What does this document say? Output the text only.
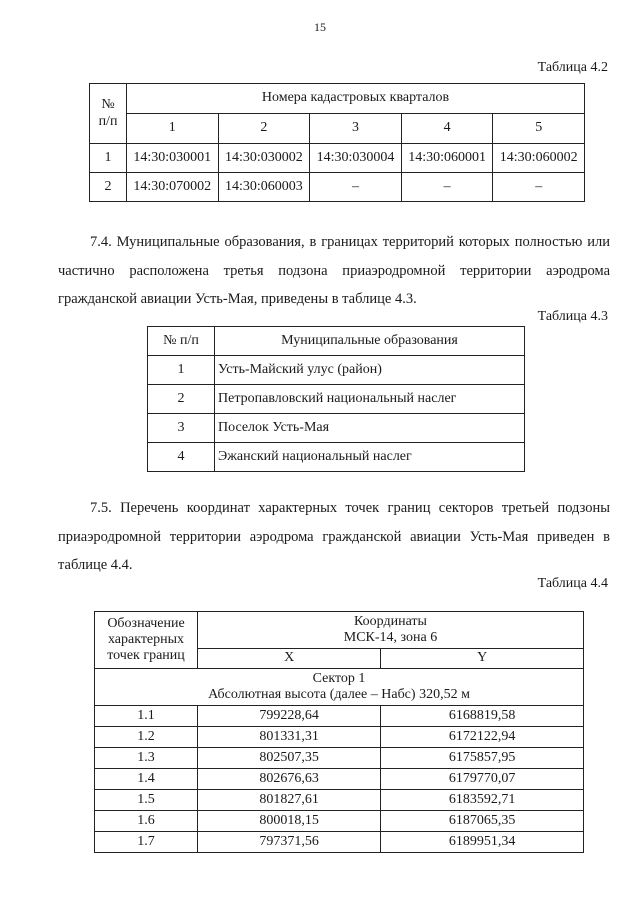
15
Таблица 4.2
№
п/п	Номера кадастровых кварталов				
	1	2	3	4	5
1	14:30:030001	14:30:030002	14:30:030004	14:30:060001	14:30:060002
2	14:30:070002	14:30:060003	–	–	–
7.4. Муниципальные образования, в границах территорий которых полностью или частично расположена третья подзона приаэродромной территории аэродрома гражданской авиации Усть-Мая, приведены в таблице 4.3.
Таблица 4.3
№ п/п	Муниципальные образования
1	Усть-Майский улус (район)
2	Петропавловский национальный наслег
3	Поселок Усть-Мая
4	Эжанский национальный наслег
7.5. Перечень координат характерных точек границ секторов третьей подзоны приаэродромной территории аэродрома гражданской авиации Усть-Мая приведен в таблице 4.4.
Таблица 4.4
Обозначение характерных точек границ	Координаты
МСК-14, зона 6	

	X	Y

Сектор 1
Абсолютная высота (далее – Набс) 320,52 м		

1.1	799228,64	6168819,58
1.2	801331,31	6172122,94
1.3	802507,35	6175857,95
1.4	802676,63	6179770,07
1.5	801827,61	6183592,71
1.6	800018,15	6187065,35
1.7	797371,56	6189951,34
